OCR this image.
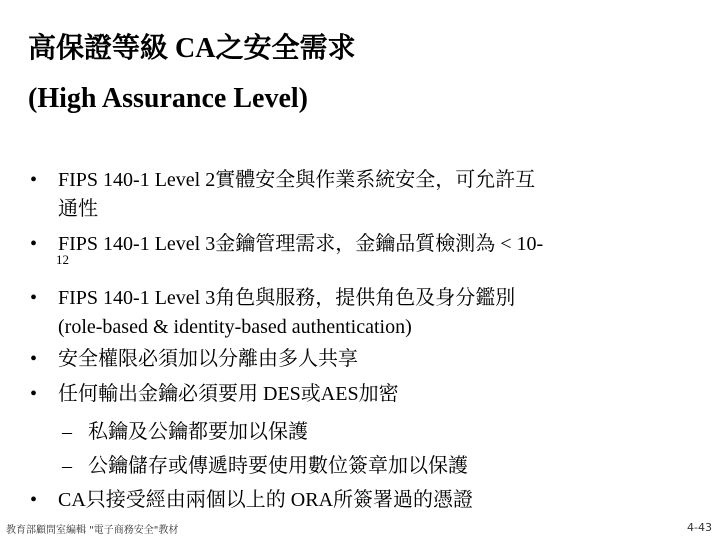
高保證等級 CA之安全需求
(High Assurance Level)
• FIPS 140-1 Level 2實體安全與作業系統安全，可允許互
通性
• FIPS 140-1 Level 3金鑰管理需求，金鑰品質檢測為 < 10-
12
• FIPS 140-1 Level 3角色與服務，提供角色及身分鑑別
(role-based & identity-based authentication)
• 安全權限必須加以分離由多人共享
• 任何輸出金鑰必須要用 DES或AES加密
– 私鑰及公鑰都要加以保護
– 公鑰儲存或傳遞時要使用數位簽章加以保護
• CA只接受經由兩個以上的 ORA所簽署過的憑證
教育部顧問室編輯 "電子商務安全"教材	4-43
